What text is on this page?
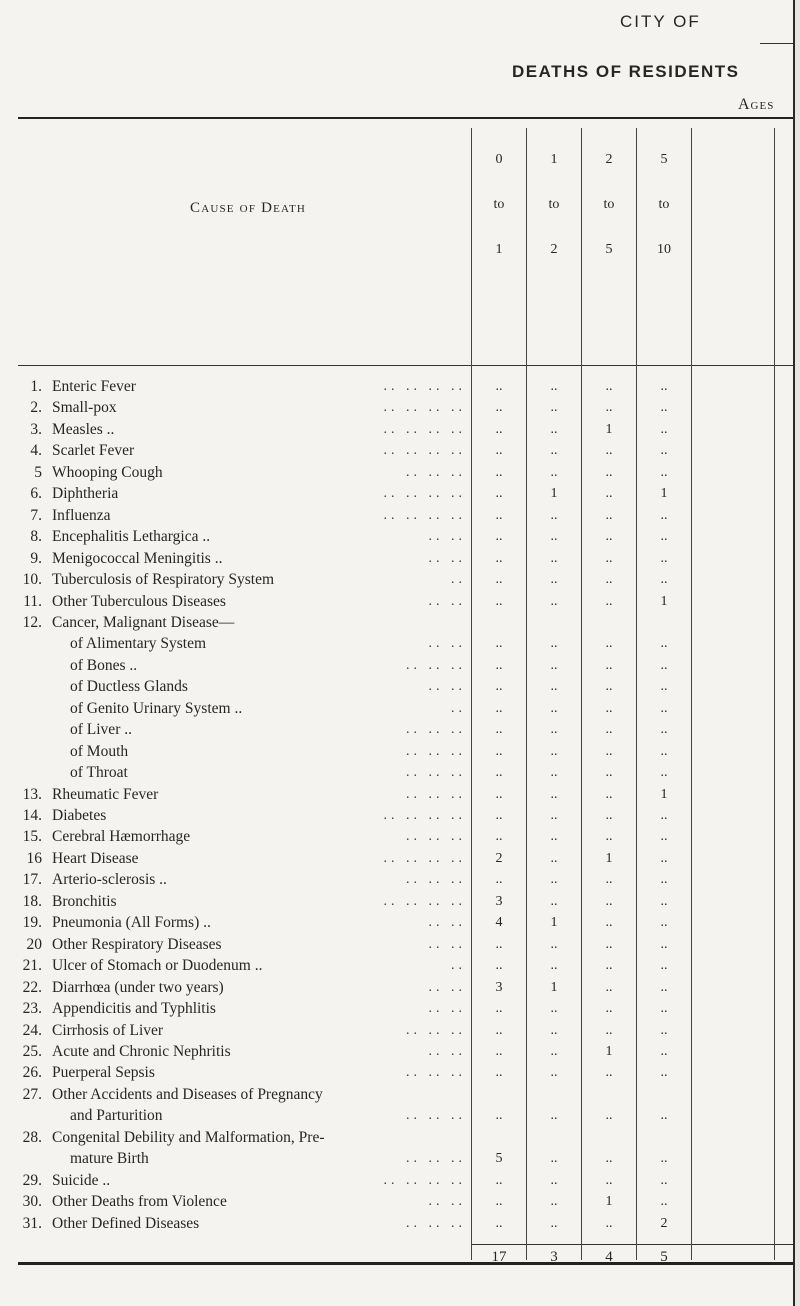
CITY OF
DEATHS OF RESIDENTS
Ages
Cause of Death
0
to
1
1
to
2
2
to
5
5
to
10
1. Enteric Fever	.. .. .. ..	..	..	..	..
2. Small-pox	.. .. .. ..	..	..	..	..
3. Measles ..	.. .. .. ..	..	..	1	..
4. Scarlet Fever	.. .. .. ..	..	..	..	..
5 Whooping Cough	.. .. ..	..	..	..	..
6. Diphtheria	.. .. .. ..	..	1	..	1
7. Influenza	.. .. .. ..	..	..	..	..
8. Encephalitis Lethargica ..	.. ..	..	..	..	..
9. Menigococcal Meningitis ..	.. ..	..	..	..	..
10. Tuberculosis of Respiratory System	..	..	..	..	..
11. Other Tuberculous Diseases	.. ..	..	..	..	1
12. Cancer, Malignant Disease—
of Alimentary System	.. ..	..	..	..	..
of Bones ..	.. .. ..	..	..	..	..
of Ductless Glands	.. ..	..	..	..	..
of Genito Urinary System ..	..	..	..	..	..
of Liver ..	.. .. ..	..	..	..	..
of Mouth	.. .. ..	..	..	..	..
of Throat	.. .. ..	..	..	..	..
13. Rheumatic Fever	.. .. ..	..	..	..	1
14. Diabetes	.. .. .. ..	..	..	..	..
15. Cerebral Hæmorrhage	.. .. ..	..	..	..	..
16 Heart Disease	.. .. .. ..	2	..	1	..
17. Arterio-sclerosis ..	.. .. ..	..	..	..	..
18. Bronchitis	.. .. .. ..	3	..	..	..
19. Pneumonia (All Forms) ..	.. ..	4	1	..	..
20 Other Respiratory Diseases	.. ..	..	..	..	..
21. Ulcer of Stomach or Duodenum ..	..	..	..	..	..
22. Diarrhœa (under two years)	.. ..	3	1	..	..
23. Appendicitis and Typhlitis	.. ..	..	..	..	..
24. Cirrhosis of Liver	.. .. ..	..	..	..	..
25. Acute and Chronic Nephritis	.. ..	..	..	1	..
26. Puerperal Sepsis	.. .. ..	..	..	..	..
27. Other Accidents and Diseases of Pregnancy
and Parturition	.. .. ..	..	..	..	..
28. Congenital Debility and Malformation, Pre-
mature Birth	.. .. ..	5	..	..	..
29. Suicide ..	.. .. .. ..	..	..	..	..
30. Other Deaths from Violence	.. ..	..	..	1	..
31. Other Defined Diseases	.. .. ..	..	..	..	2
17	3	4	5
